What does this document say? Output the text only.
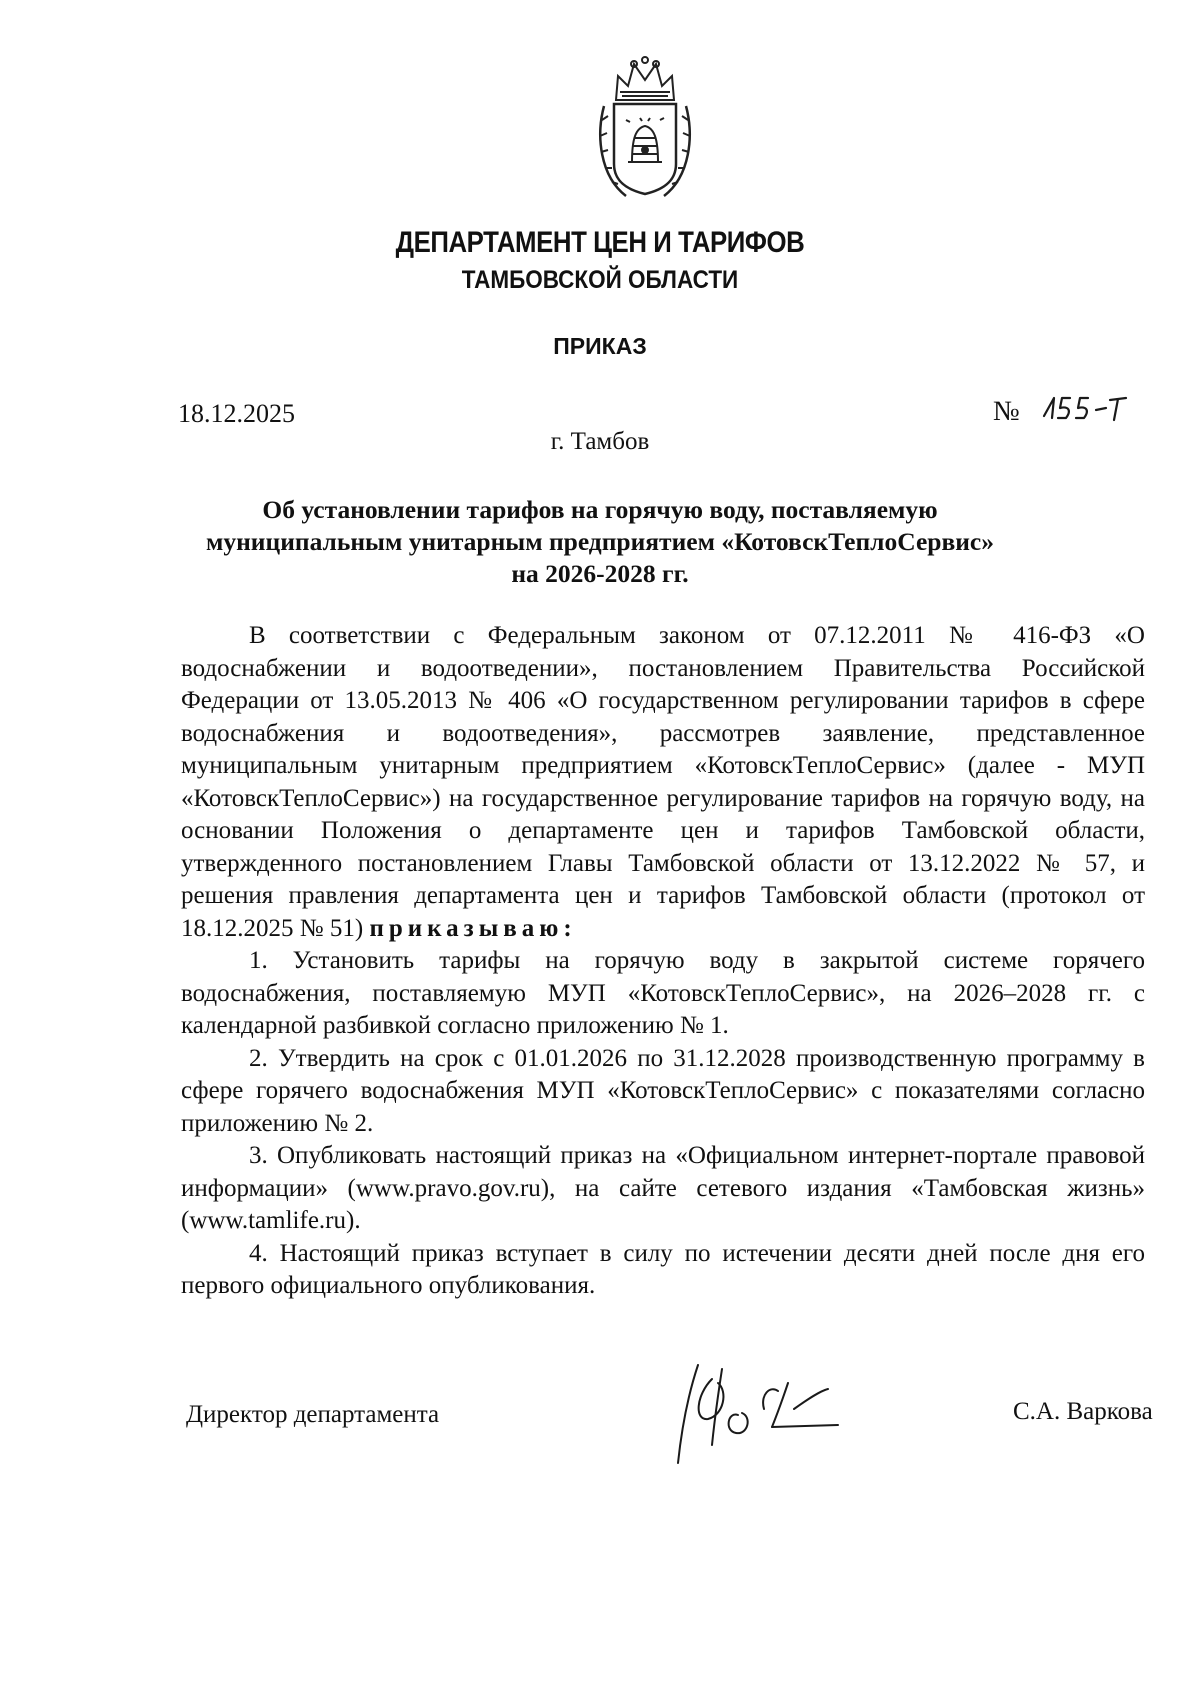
ДЕПАРТАМЕНТ ЦЕН И ТАРИФОВ
ТАМБОВСКОЙ ОБЛАСТИ
ПРИКАЗ
18.12.2025	№
г. Тамбов
Об установлении тарифов на горячую воду, поставляемую
муниципальным унитарным предприятием «КотовскТеплоСервис»
на 2026-2028 гг.

В соответствии с Федеральным законом от 07.12.2011 № 416-ФЗ «О водоснабжении и водоотведении», постановлением Правительства Российской Федерации от 13.05.2013 № 406 «О государственном регулировании тарифов в сфере водоснабжения и водоотведения», рассмотрев заявление, представленное муниципальным унитарным предприятием «КотовскТеплоСервис» (далее - МУП «КотовскТеплоСервис») на государственное регулирование тарифов на горячую воду, на основании Положения о департаменте цен и тарифов Тамбовской области, утвержденного постановлением Главы Тамбовской области от 13.12.2022 № 57, и решения правления департамента цен и тарифов Тамбовской области (протокол от 18.12.2025 № 51) приказываю:

1. Установить тарифы на горячую воду в закрытой системе горячего водоснабжения, поставляемую МУП «КотовскТеплоСервис», на 2026–2028 гг. с календарной разбивкой согласно приложению № 1.

2. Утвердить на срок с 01.01.2026 по 31.12.2028 производственную программу в сфере горячего водоснабжения МУП «КотовскТеплоСервис» с показателями согласно приложению № 2.

3. Опубликовать настоящий приказ на «Официальном интернет-портале правовой информации» (www.pravo.gov.ru), на сайте сетевого издания «Тамбовская жизнь» (www.tamlife.ru).

4. Настоящий приказ вступает в силу по истечении десяти дней после дня его первого официального опубликования.

Директор департамента	С.А. Варкова
